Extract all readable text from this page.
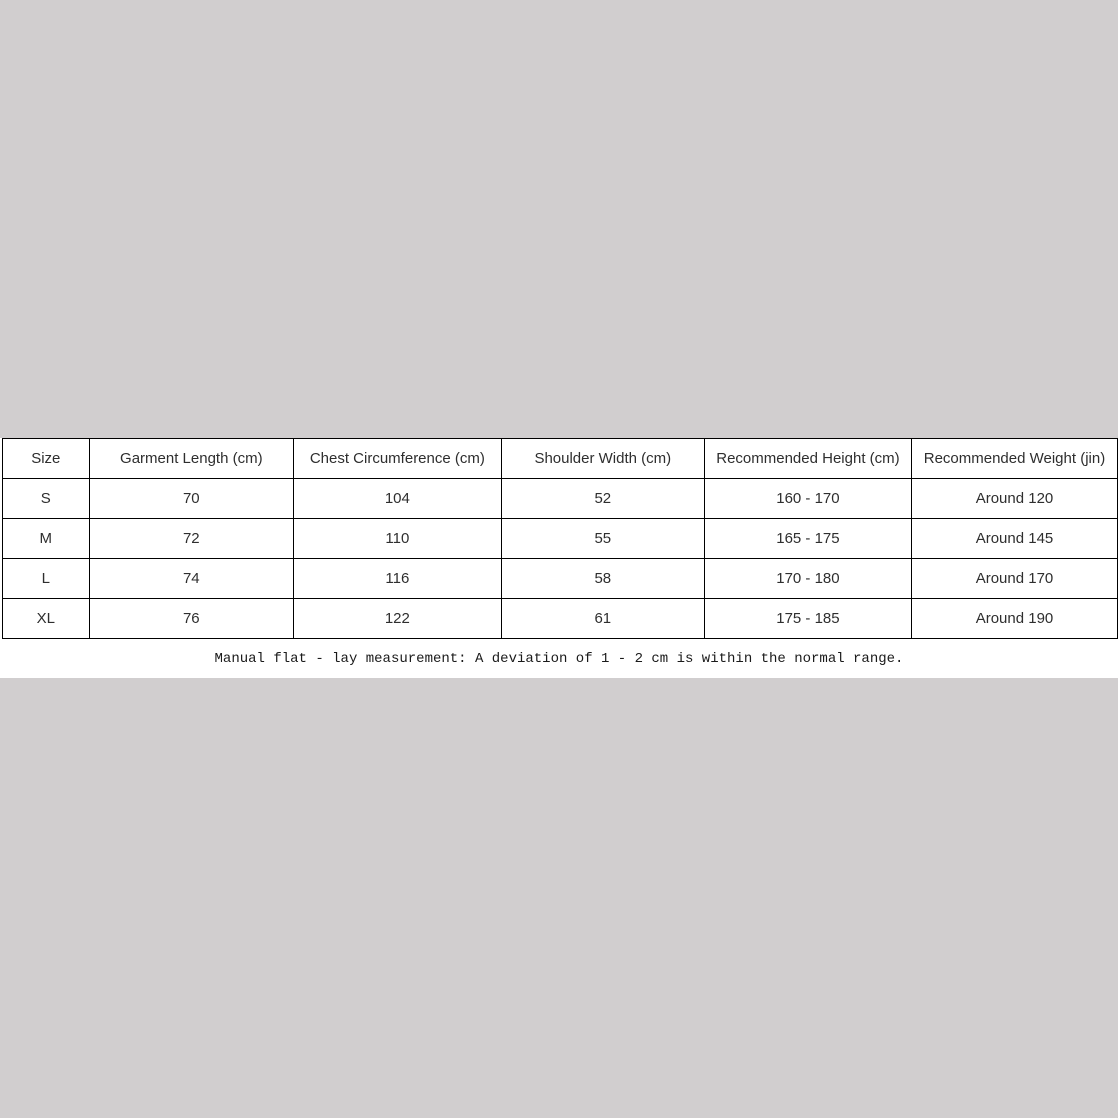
Size	Garment Length (cm)	Chest Circumference (cm)	Shoulder Width (cm)	Recommended Height (cm)	Recommended Weight (jin)
S	70	104	52	160 - 170	Around 120
M	72	110	55	165 - 175	Around 145
L	74	116	58	170 - 180	Around 170
XL	76	122	61	175 - 185	Around 190
Manual flat - lay measurement: A deviation of 1 - 2 cm is within the normal range.
